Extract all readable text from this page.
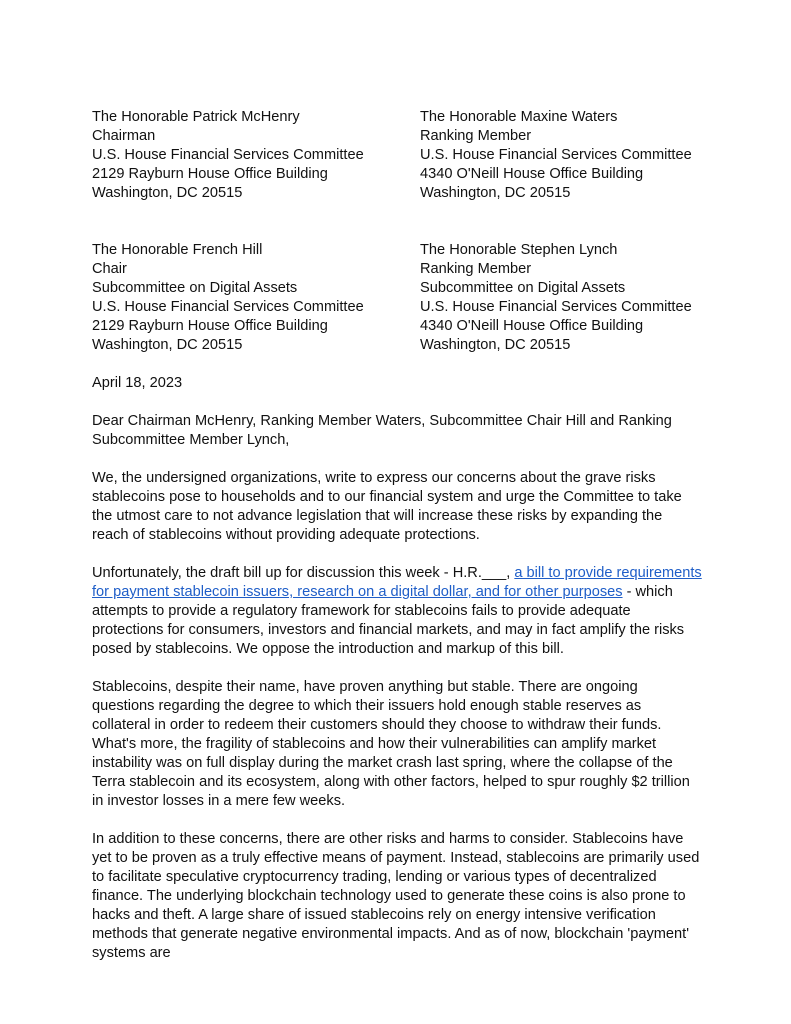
The Honorable Patrick McHenry
Chairman
U.S. House Financial Services Committee
2129 Rayburn House Office Building
Washington, DC 20515
The Honorable Maxine Waters
Ranking Member
U.S. House Financial Services Committee
4340 O'Neill House Office Building
Washington, DC 20515
The Honorable French Hill
Chair
Subcommittee on Digital Assets
U.S. House Financial Services Committee
2129 Rayburn House Office Building
Washington, DC 20515
The Honorable Stephen Lynch
Ranking Member
Subcommittee on Digital Assets
U.S. House Financial Services Committee
4340 O'Neill House Office Building
Washington, DC 20515
April 18, 2023
Dear Chairman McHenry, Ranking Member Waters, Subcommittee Chair Hill and Ranking Subcommittee Member Lynch,
We, the undersigned organizations, write to express our concerns about the grave risks stablecoins pose to households and to our financial system and urge the Committee to take the utmost care to not advance legislation that will increase these risks by expanding the reach of stablecoins without providing adequate protections.
Unfortunately, the draft bill up for discussion this week - H.R.___, a bill to provide requirements for payment stablecoin issuers, research on a digital dollar, and for other purposes - which attempts to provide a regulatory framework for stablecoins fails to provide adequate protections for consumers, investors and financial markets, and may in fact amplify the risks posed by stablecoins. We oppose the introduction and markup of this bill.
Stablecoins, despite their name, have proven anything but stable. There are ongoing questions regarding the degree to which their issuers hold enough stable reserves as collateral in order to redeem their customers should they choose to withdraw their funds. What's more, the fragility of stablecoins and how their vulnerabilities can amplify market instability was on full display during the market crash last spring, where the collapse of the Terra stablecoin and its ecosystem, along with other factors, helped to spur roughly $2 trillion in investor losses in a mere few weeks.
In addition to these concerns, there are other risks and harms to consider. Stablecoins have yet to be proven as a truly effective means of payment. Instead, stablecoins are primarily used to facilitate speculative cryptocurrency trading, lending or various types of decentralized finance. The underlying blockchain technology used to generate these coins is also prone to hacks and theft. A large share of issued stablecoins rely on energy intensive verification methods that generate negative environmental impacts. And as of now, blockchain 'payment' systems are
